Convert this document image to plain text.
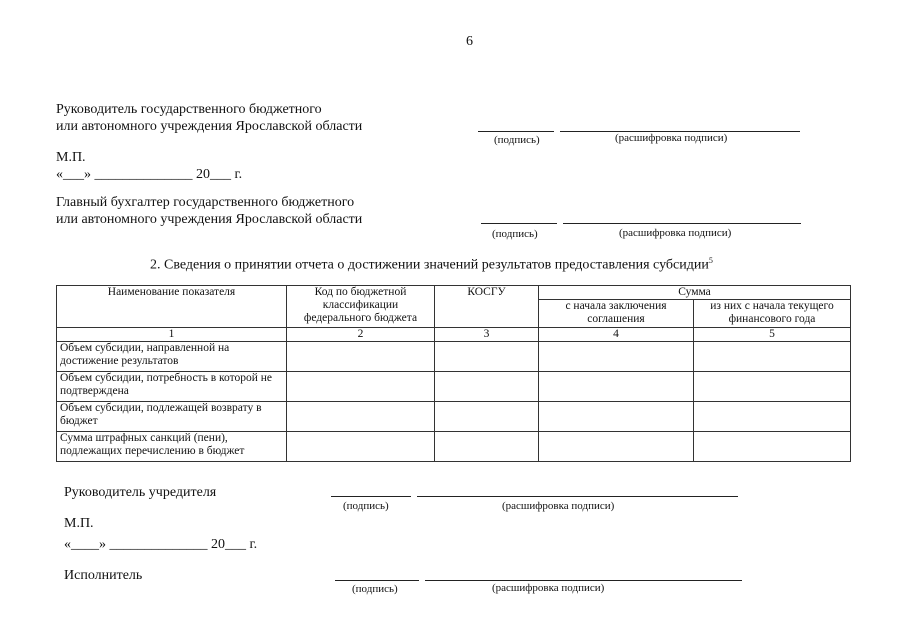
6
Руководитель государственного бюджетного
или автономного учреждения Ярославской области
(подпись)	(расшифровка подписи)
М.П.
«___» ______________ 20___ г.
Главный бухгалтер государственного бюджетного
или автономного учреждения Ярославской области
(подпись)	(расшифровка подписи)
2. Сведения о принятии отчета о достижении значений результатов предоставления субсидии$^5$
Наименование показателя	Код по бюджетной классификации федерального бюджета	КОСГУ	Сумма	
			с начала заключения соглашения	из них с начала текущего финансового года
1	2	3	4	5
Объем субсидии, направленной на достижение результатов				
Объем субсидии, потребность в которой не подтверждена				
Объем субсидии, подлежащей возврату в бюджет				
Сумма штрафных санкций (пени), подлежащих перечислению в бюджет				
Руководитель учредителя
(подпись)	(расшифровка подписи)
М.П.
«____» ______________ 20___ г.
Исполнитель
(подпись)	(расшифровка подписи)
